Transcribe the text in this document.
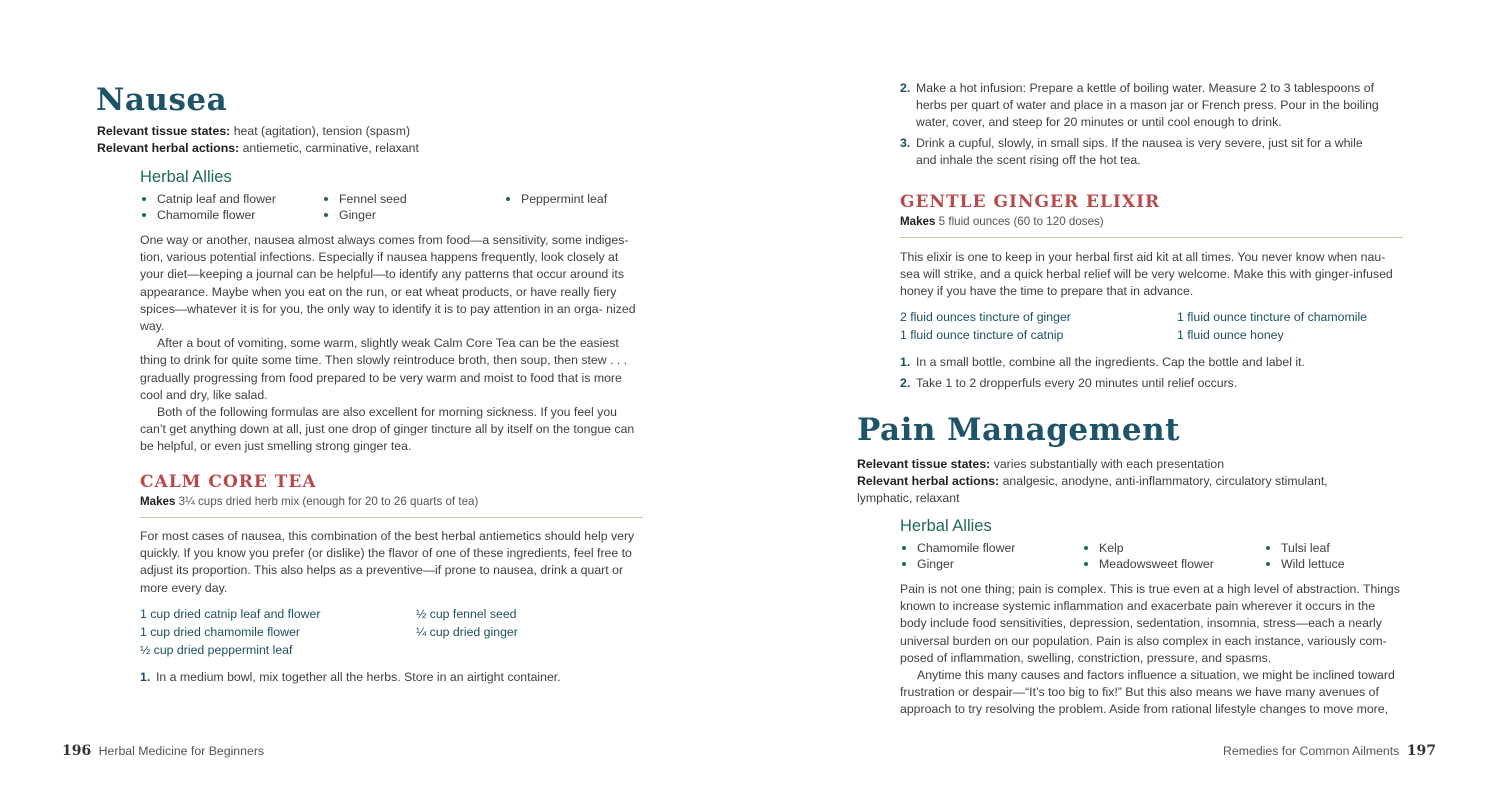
Nausea
Relevant tissue states: heat (agitation), tension (spasm)
Relevant herbal actions: antiemetic, carminative, relaxant
Herbal Allies
Catnip leaf and flower	Fennel seed	Peppermint leaf
Chamomile flower	Ginger

One way or another, nausea almost always comes from food—a sensitivity, some indiges- tion, various potential infections. Especially if nausea happens frequently, look closely at your diet—keeping a journal can be helpful—to identify any patterns that occur around its appearance. Maybe when you eat on the run, or eat wheat products, or have really fiery spices—whatever it is for you, the only way to identify it is to pay attention in an orga- nized way.

After a bout of vomiting, some warm, slightly weak Calm Core Tea can be the easiest thing to drink for quite some time. Then slowly reintroduce broth, then soup, then stew . . . gradually progressing from food prepared to be very warm and moist to food that is more cool and dry, like salad.

Both of the following formulas are also excellent for morning sickness. If you feel you can’t get anything down at all, just one drop of ginger tincture all by itself on the tongue can be helpful, or even just smelling strong ginger tea.

CALM CORE TEA

Makes 3¼ cups dried herb mix (enough for 20 to 26 quarts of tea)

For most cases of nausea, this combination of the best herbal antiemetics should help very quickly. If you know you prefer (or dislike) the flavor of one of these ingredients, feel free to adjust its proportion. This also helps as a preventive—if prone to nausea, drink a quart or more every day.

1 cup dried catnip leaf and flower	½ cup fennel seed
1 cup dried chamomile flower	¼ cup dried ginger
½ cup dried peppermint leaf
1. In a medium bowl, mix together all the herbs. Store in an airtight container.
196 Herbal Medicine for Beginners
2. Make a hot infusion: Prepare a kettle of boiling water. Measure 2 to 3 tablespoons of herbs per quart of water and place in a mason jar or French press. Pour in the boiling water, cover, and steep for 20 minutes or until cool enough to drink.
3. Drink a cupful, slowly, in small sips. If the nausea is very severe, just sit for a while and inhale the scent rising off the hot tea.
GENTLE GINGER ELIXIR

Makes 5 fluid ounces (60 to 120 doses)

This elixir is one to keep in your herbal first aid kit at all times. You never know when nau- sea will strike, and a quick herbal relief will be very welcome. Make this with ginger-infused honey if you have the time to prepare that in advance.

2 fluid ounces tincture of ginger	1 fluid ounce tincture of chamomile
1 fluid ounce tincture of catnip	1 fluid ounce honey
1. In a small bottle, combine all the ingredients. Cap the bottle and label it.
2. Take 1 to 2 dropperfuls every 20 minutes until relief occurs.
Pain Management
Relevant tissue states: varies substantially with each presentation
Relevant herbal actions: analgesic, anodyne, anti-inflammatory, circulatory stimulant, lymphatic, relaxant
Herbal Allies
Chamomile flower	Kelp	Tulsi leaf
Ginger	Meadowsweet flower	Wild lettuce

Pain is not one thing; pain is complex. This is true even at a high level of abstraction. Things known to increase systemic inflammation and exacerbate pain wherever it occurs in the body include food sensitivities, depression, sedentation, insomnia, stress—each a nearly universal burden on our population. Pain is also complex in each instance, variously com- posed of inflammation, swelling, constriction, pressure, and spasms.

Anytime this many causes and factors influence a situation, we might be inclined toward frustration or despair—“It’s too big to fix!” But this also means we have many avenues of approach to try resolving the problem. Aside from rational lifestyle changes to move more,

Remedies for Common Ailments 197
